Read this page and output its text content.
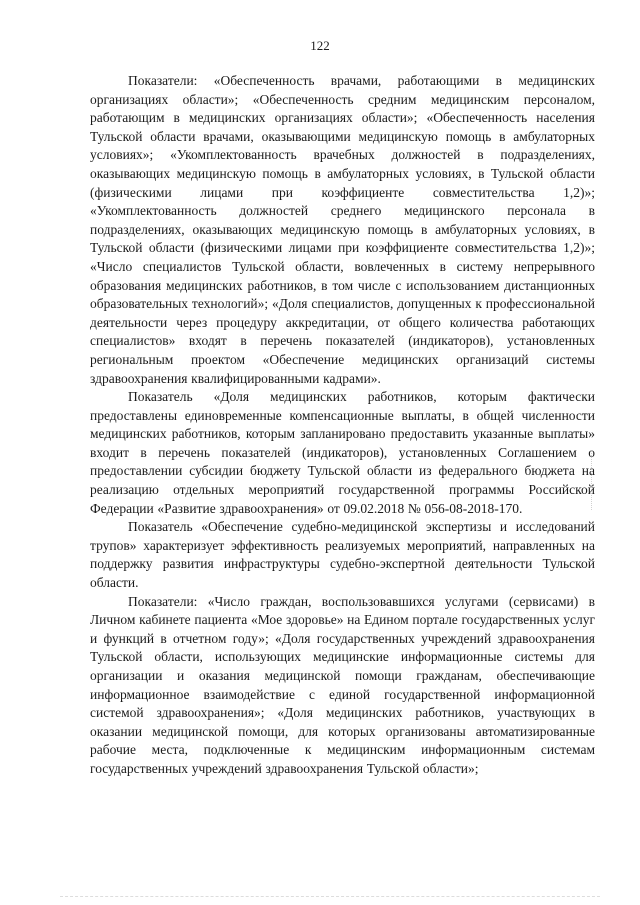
122

Показатели: «Обеспеченность врачами, работающими в медицинских организациях области»; «Обеспеченность средним медицинским персоналом, работающим в медицинских организациях области»; «Обеспеченность населения Тульской области врачами, оказывающими медицинскую помощь в амбулаторных условиях»; «Укомплектованность врачебных должностей в подразделениях, оказывающих медицинскую помощь в амбулаторных условиях, в Тульской области (физическими лицами при коэффициенте совместительства 1,2)»; «Укомплектованность должностей среднего медицинского персонала в подразделениях, оказывающих медицинскую помощь в амбулаторных условиях, в Тульской области (физическими лицами при коэффициенте совместительства 1,2)»; «Число специалистов Тульской области, вовлеченных в систему непрерывного образования медицинских работников, в том числе с использованием дистанционных образовательных технологий»; «Доля специалистов, допущенных к профессиональной деятельности через процедуру аккредитации, от общего количества работающих специалистов» входят в перечень показателей (индикаторов), установленных региональным проектом «Обеспечение медицинских организаций системы здравоохранения квалифицированными кадрами».

Показатель «Доля медицинских работников, которым фактически предоставлены единовременные компенсационные выплаты, в общей численности медицинских работников, которым запланировано предоставить указанные выплаты» входит в перечень показателей (индикаторов), установленных Соглашением о предоставлении субсидии бюджету Тульской области из федерального бюджета на реализацию отдельных мероприятий государственной программы Российской Федерации «Развитие здравоохранения» от 09.02.2018 № 056-08-2018-170.

Показатель «Обеспечение судебно-медицинской экспертизы и исследований трупов» характеризует эффективность реализуемых мероприятий, направленных на поддержку развития инфраструктуры судебно-экспертной деятельности Тульской области.

Показатели: «Число граждан, воспользовавшихся услугами (сервисами) в Личном кабинете пациента «Мое здоровье» на Едином портале государственных услуг и функций в отчетном году»; «Доля государственных учреждений здравоохранения Тульской области, использующих медицинские информационные системы для организации и оказания медицинской помощи гражданам, обеспечивающие информационное взаимодействие с единой государственной информационной системой здравоохранения»; «Доля медицинских работников, участвующих в оказании медицинской помощи, для которых организованы автоматизированные рабочие места, подключенные к медицинским информационным системам государственных учреждений здравоохранения Тульской области»;
